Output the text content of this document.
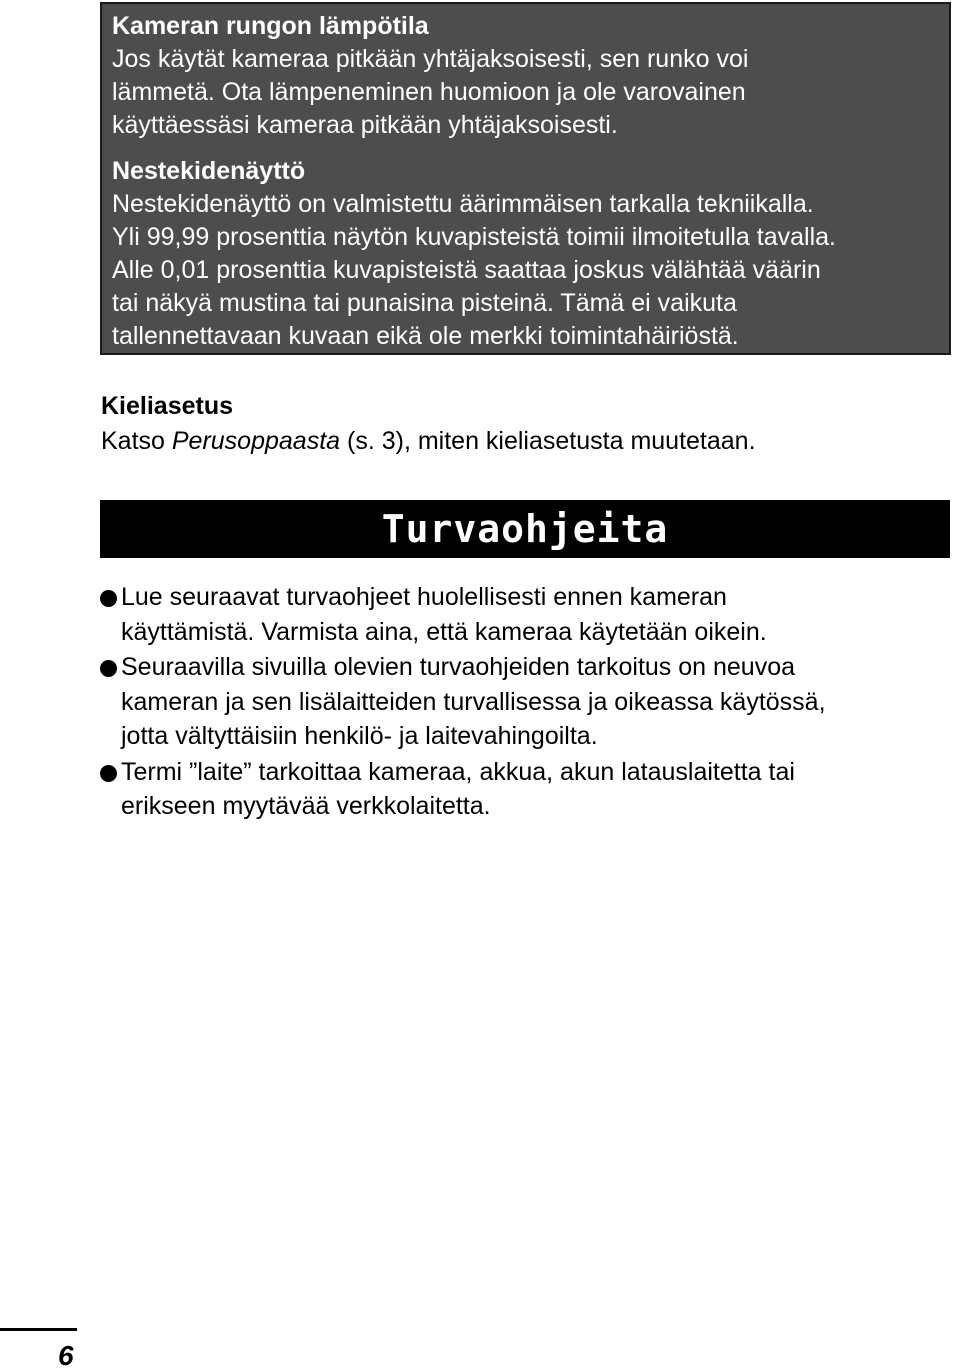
Kameran rungon lämpötila

Jos käytät kameraa pitkään yhtäjaksoisesti, sen runko voi
lämmetä. Ota lämpeneminen huomioon ja ole varovainen
käyttäessäsi kameraa pitkään yhtäjaksoisesti.

Nestekidenäyttö

Nestekidenäyttö on valmistettu äärimmäisen tarkalla tekniikalla.
Yli 99,99 prosenttia näytön kuvapisteistä toimii ilmoitetulla tavalla.
Alle 0,01 prosenttia kuvapisteistä saattaa joskus välähtää väärin
tai näkyä mustina tai punaisina pisteinä. Tämä ei vaikuta
tallennettavaan kuvaan eikä ole merkki toimintahäiriöstä.

Kieliasetus

Katso Perusoppaasta (s. 3), miten kieliasetusta muutetaan.

Turvaohjeita
Lue seuraavat turvaohjeet huolellisesti ennen kameran
käyttämistä. Varmista aina, että kameraa käytetään oikein.
Seuraavilla sivuilla olevien turvaohjeiden tarkoitus on neuvoa
kameran ja sen lisälaitteiden turvallisessa ja oikeassa käytössä,
jotta vältyttäisiin henkilö- ja laitevahingoilta.
Termi ”laite” tarkoittaa kameraa, akkua, akun latauslaitetta tai
erikseen myytävää verkkolaitetta.
6
